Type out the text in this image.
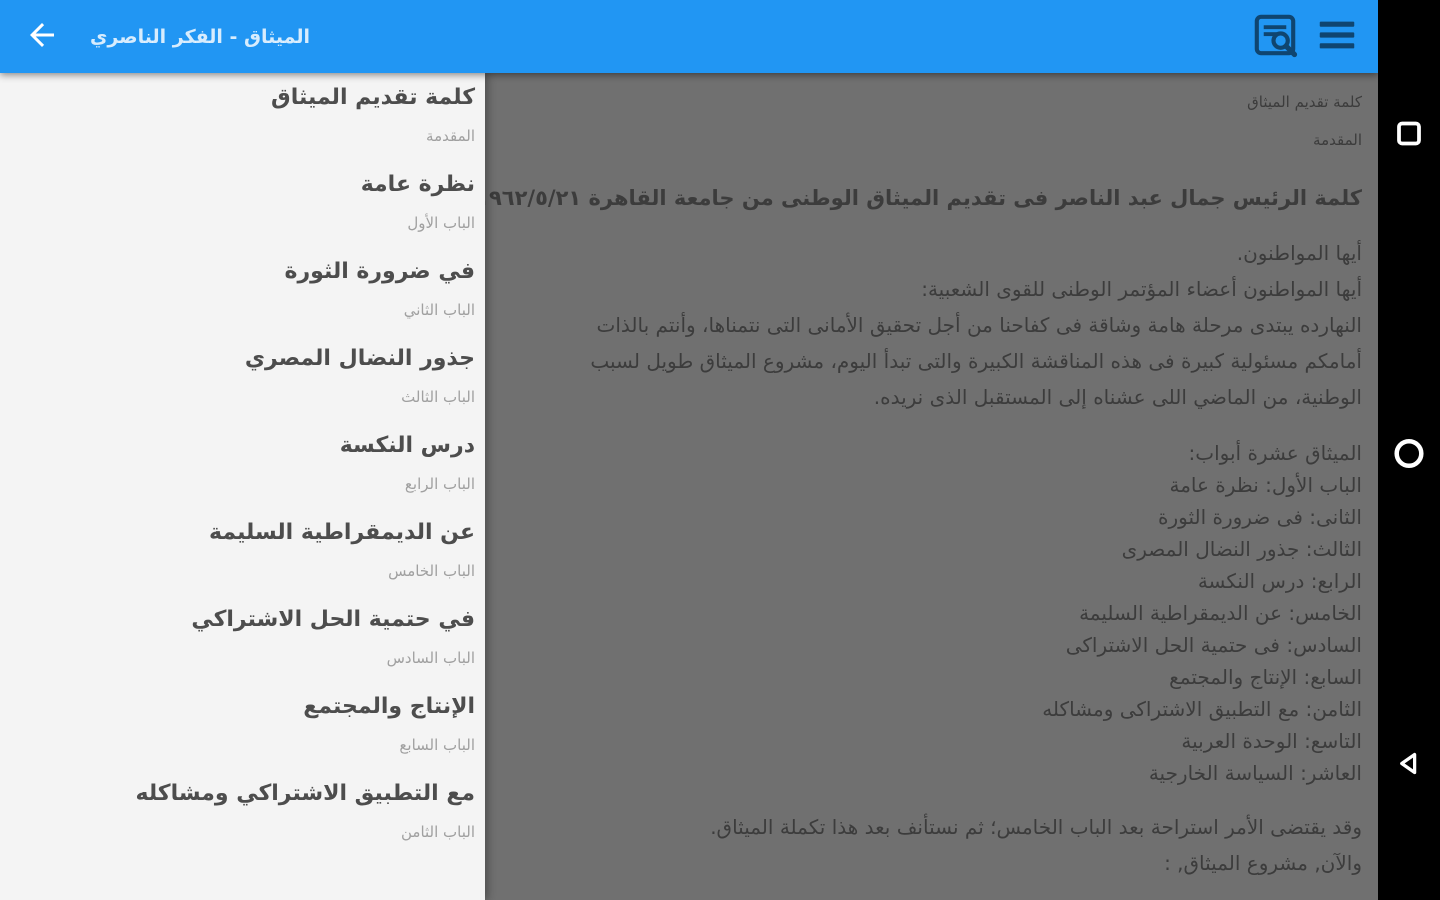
الميثاق - الفكر الناصري
كلمة تقديم الميثاق
المقدمة
نظرة عامة
الباب الأول
في ضرورة الثورة
الباب الثاني
جذور النضال المصري
الباب الثالث
درس النكسة
الباب الرابع
عن الديمقراطية السليمة
الباب الخامس
في حتمية الحل الاشتراكي
الباب السادس
الإنتاج والمجتمع
الباب السابع
مع التطبيق الاشتراكي ومشاكله
الباب الثامن
